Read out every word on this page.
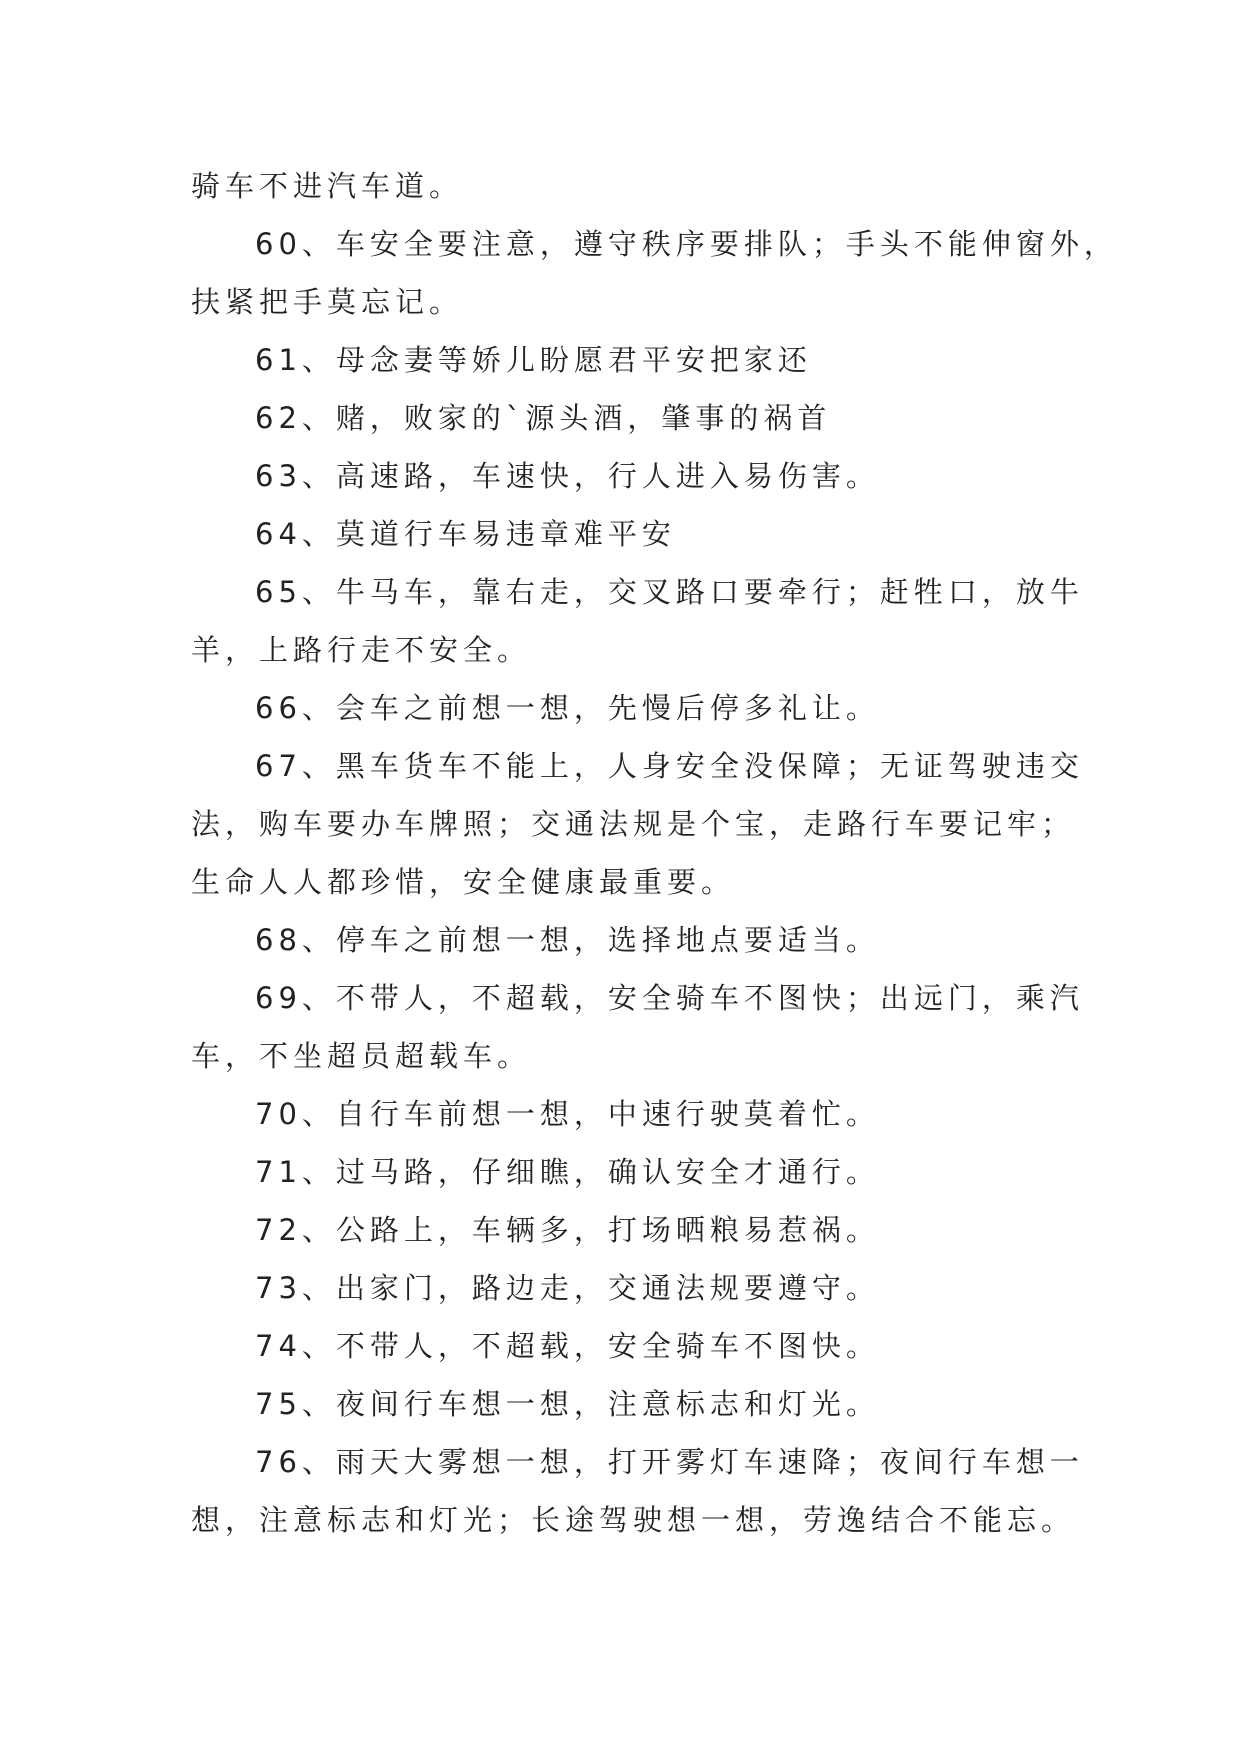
骑车不进汽车道。
60、车安全要注意，遵守秩序要排队；手头不能伸窗外，
扶紧把手莫忘记。
61、母念妻等娇儿盼愿君平安把家还
62、赌，败家的`源头酒，肇事的祸首
63、高速路，车速快，行人进入易伤害。
64、莫道行车易违章难平安
65、牛马车，靠右走，交叉路口要牵行；赶牲口，放牛
羊，上路行走不安全。
66、会车之前想一想，先慢后停多礼让。
67、黑车货车不能上，人身安全没保障；无证驾驶违交
法，购车要办车牌照；交通法规是个宝，走路行车要记牢；
生命人人都珍惜，安全健康最重要。
68、停车之前想一想，选择地点要适当。
69、不带人，不超载，安全骑车不图快；出远门，乘汽
车，不坐超员超载车。
70、自行车前想一想，中速行驶莫着忙。
71、过马路，仔细瞧，确认安全才通行。
72、公路上，车辆多，打场晒粮易惹祸。
73、出家门，路边走，交通法规要遵守。
74、不带人，不超载，安全骑车不图快。
75、夜间行车想一想，注意标志和灯光。
76、雨天大雾想一想，打开雾灯车速降；夜间行车想一
想，注意标志和灯光；长途驾驶想一想，劳逸结合不能忘。
